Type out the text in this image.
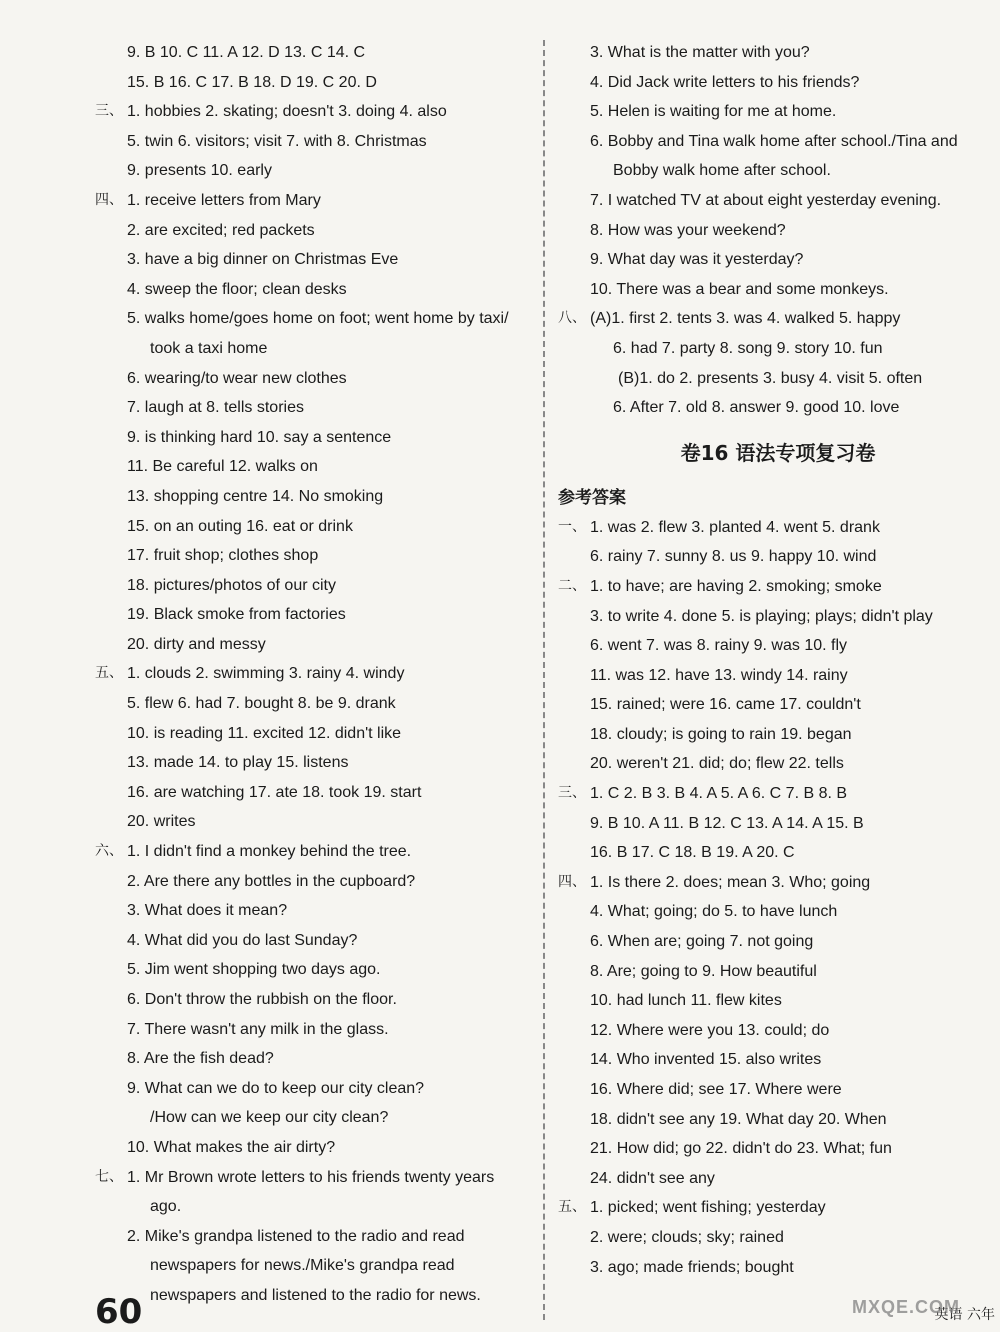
9. B 10. C 11. A 12. D 13. C 14. C
15. B 16. C 17. B 18. D 19. C 20. D
三、 1. hobbies 2. skating; doesn't 3. doing 4. also
5. twin 6. visitors; visit 7. with 8. Christmas
9. presents 10. early
四、 1. receive letters from Mary
2. are excited; red packets
3. have a big dinner on Christmas Eve
4. sweep the floor; clean desks
5. walks home/goes home on foot; went home by taxi/
took a taxi home
6. wearing/to wear new clothes
7. laugh at 8. tells stories
9. is thinking hard 10. say a sentence
11. Be careful 12. walks on
13. shopping centre 14. No smoking
15. on an outing 16. eat or drink
17. fruit shop; clothes shop
18. pictures/photos of our city
19. Black smoke from factories
20. dirty and messy
五、 1. clouds 2. swimming 3. rainy 4. windy
5. flew 6. had 7. bought 8. be 9. drank
10. is reading 11. excited 12. didn't like
13. made 14. to play 15. listens
16. are watching 17. ate 18. took 19. start
20. writes
六、 1. I didn't find a monkey behind the tree.
2. Are there any bottles in the cupboard?
3. What does it mean?
4. What did you do last Sunday?
5. Jim went shopping two days ago.
6. Don't throw the rubbish on the floor.
7. There wasn't any milk in the glass.
8. Are the fish dead?
9. What can we do to keep our city clean?
/How can we keep our city clean?
10. What makes the air dirty?
七、 1. Mr Brown wrote letters to his friends twenty years
ago.
2. Mike's grandpa listened to the radio and read
newspapers for news./Mike's grandpa read
newspapers and listened to the radio for news.
3. What is the matter with you?
4. Did Jack write letters to his friends?
5. Helen is waiting for me at home.
6. Bobby and Tina walk home after school./Tina and
Bobby walk home after school.
7. I watched TV at about eight yesterday evening.
8. How was your weekend?
9. What day was it yesterday?
10. There was a bear and some monkeys.
八、 (A)1. first 2. tents 3. was 4. walked 5. happy
6. had 7. party 8. song 9. story 10. fun
(B)1. do 2. presents 3. busy 4. visit 5. often
6. After 7. old 8. answer 9. good 10. love
卷16 语法专项复习卷
参考答案
一、 1. was 2. flew 3. planted 4. went 5. drank
6. rainy 7. sunny 8. us 9. happy 10. wind
二、 1. to have; are having 2. smoking; smoke
3. to write 4. done 5. is playing; plays; didn't play
6. went 7. was 8. rainy 9. was 10. fly
11. was 12. have 13. windy 14. rainy
15. rained; were 16. came 17. couldn't
18. cloudy; is going to rain 19. began
20. weren't 21. did; do; flew 22. tells
三、 1. C 2. B 3. B 4. A 5. A 6. C 7. B 8. B
9. B 10. A 11. B 12. C 13. A 14. A 15. B
16. B 17. C 18. B 19. A 20. C
四、 1. Is there 2. does; mean 3. Who; going
4. What; going; do 5. to have lunch
6. When are; going 7. not going
8. Are; going to 9. How beautiful
10. had lunch 11. flew kites
12. Where were you 13. could; do
14. Who invented 15. also writes
16. Where did; see 17. Where were
18. didn't see any 19. What day 20. When
21. How did; go 22. didn't do 23. What; fun
24. didn't see any
五、 1. picked; went fishing; yesterday
2. were; clouds; sky; rained
3. ago; made friends; bought
60	英语 六年
MXQE.COM
